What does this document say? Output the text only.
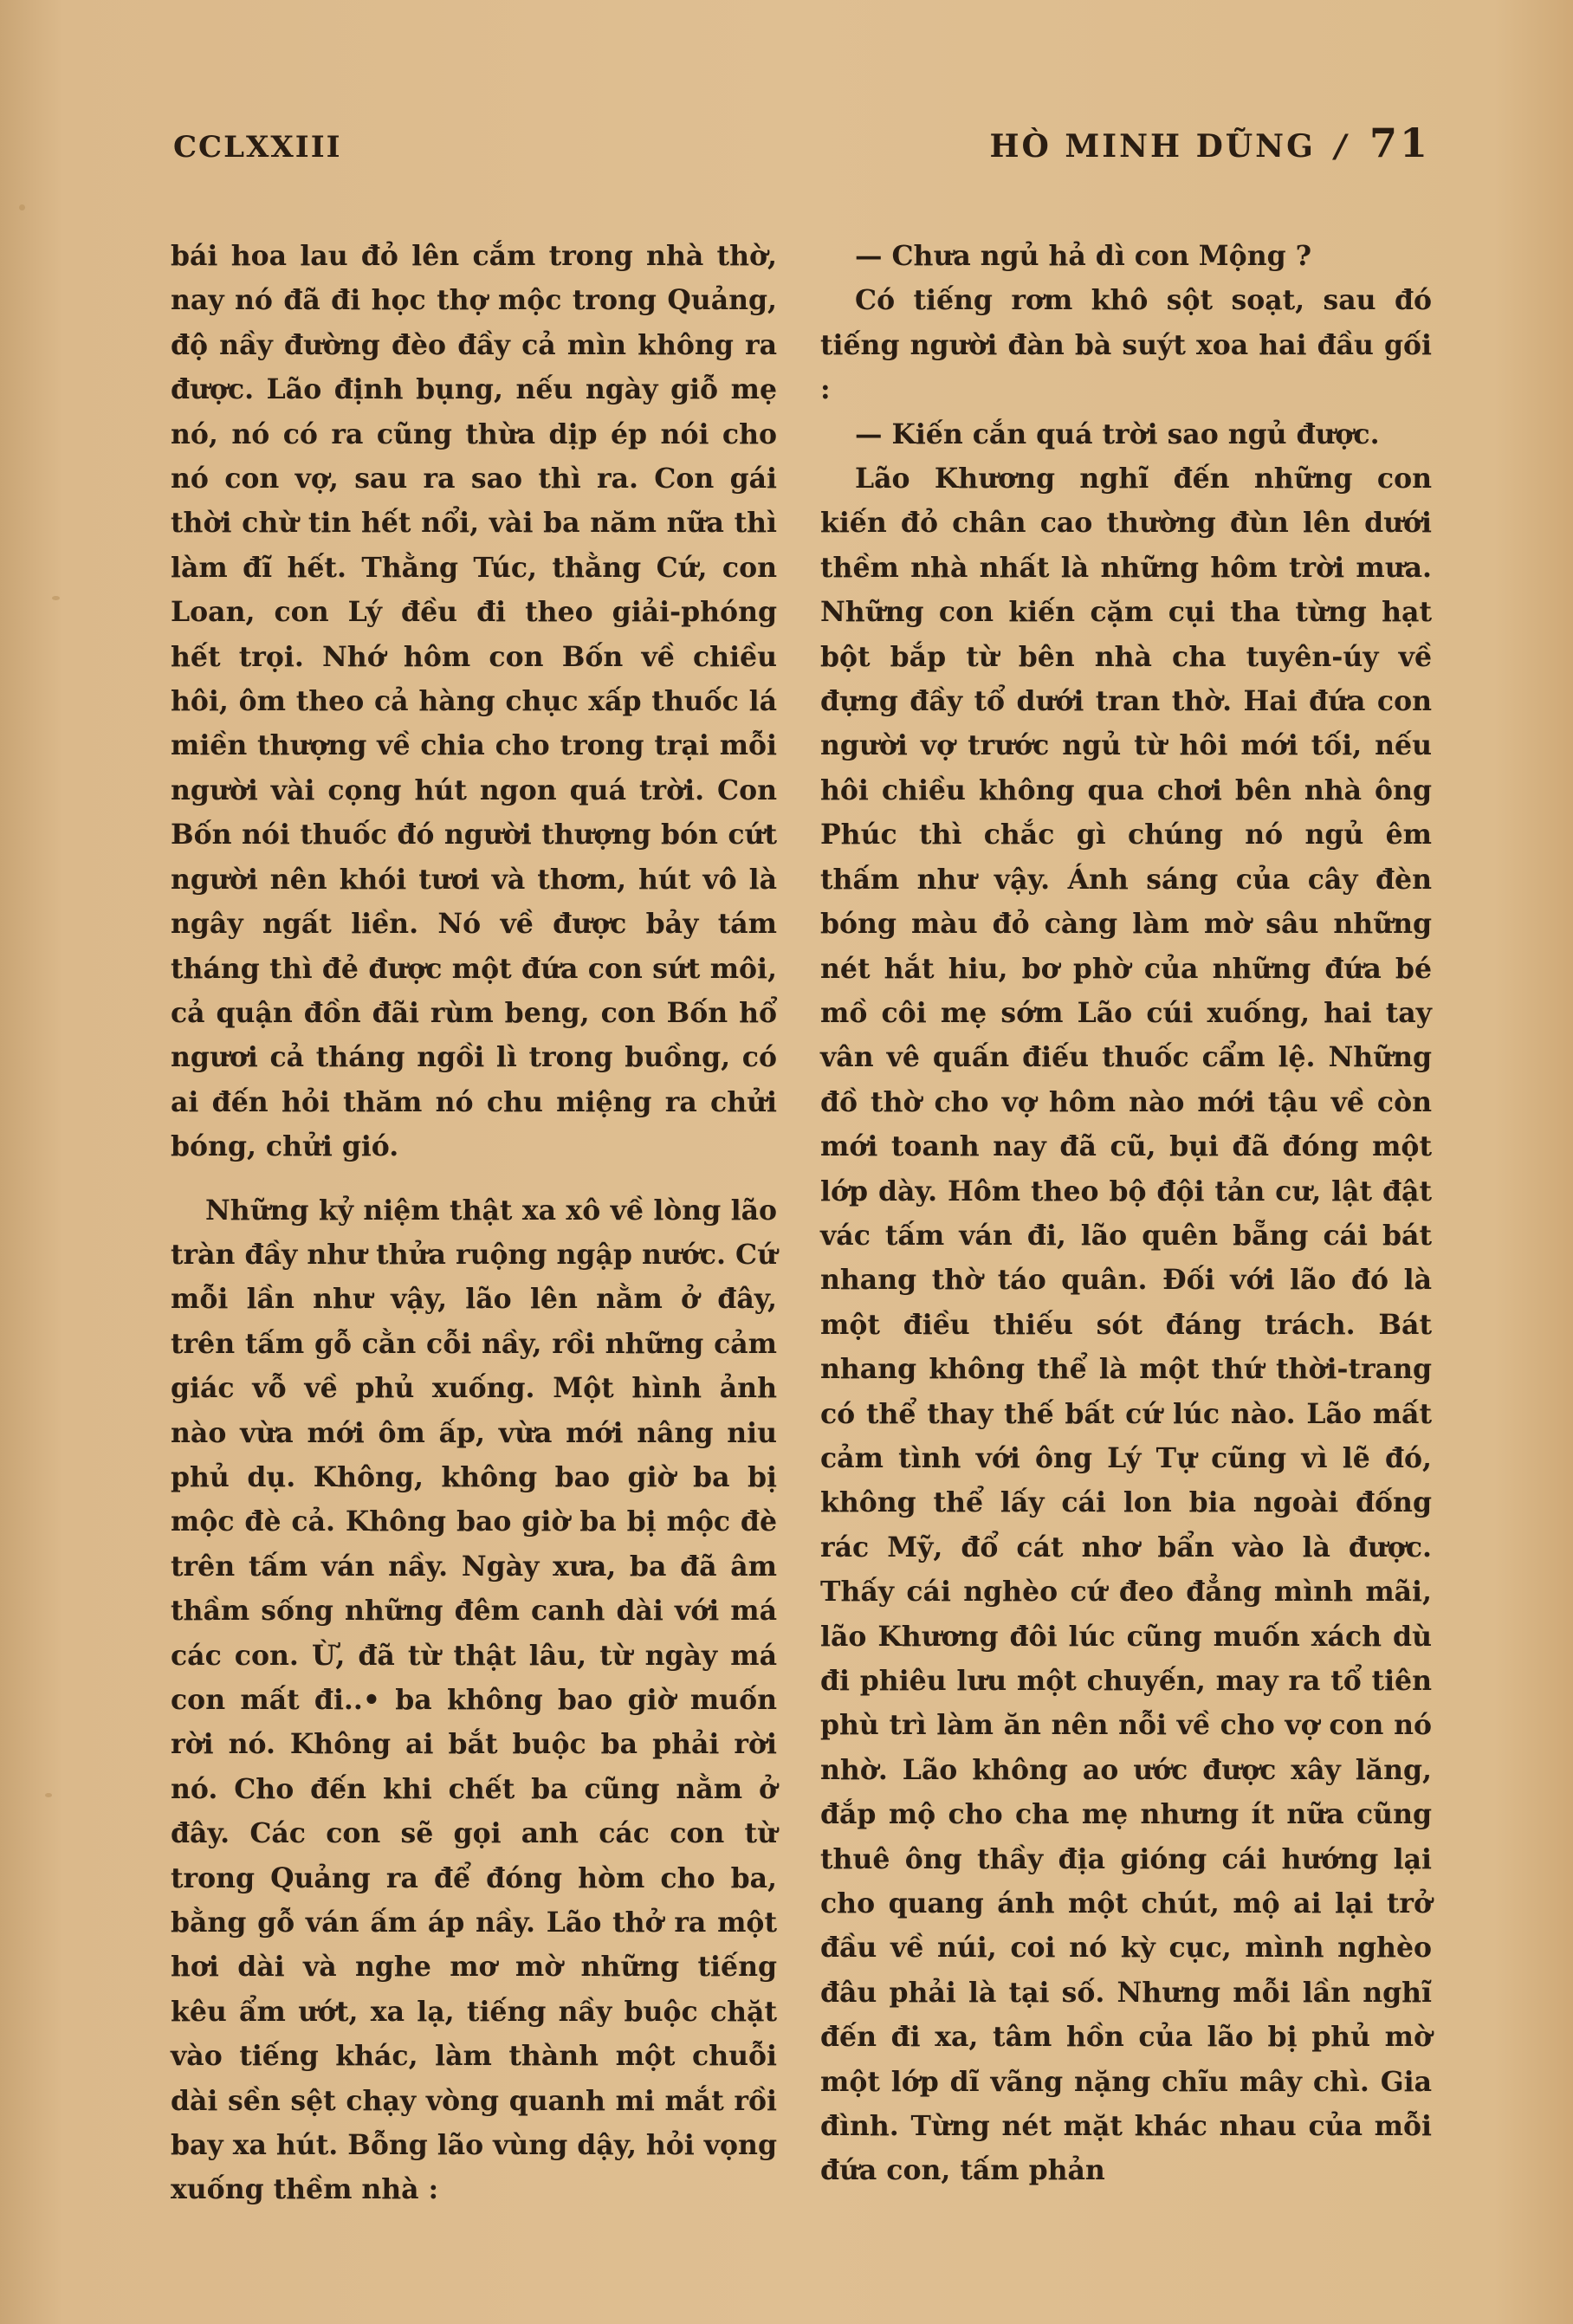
CCLXXIII	HÒ MINH DŨNG / 71

bái hoa lau đỏ lên cắm trong nhà thờ, nay nó đã đi học thợ mộc trong Quảng, độ nầy đường đèo đầy cả mìn không ra được. Lão định bụng, nếu ngày giỗ mẹ nó, nó có ra cũng thừa dịp ép nói cho nó con vợ, sau ra sao thì ra. Con gái thời chừ tin hết nổi, vài ba năm nữa thì làm đĩ hết. Thằng Túc, thằng Cứ, con Loan, con Lý đều đi theo giải-phóng hết trọi. Nhớ hôm con Bốn về chiều hôi, ôm theo cả hàng chục xấp thuốc lá miền thượng về chia cho trong trại mỗi người vài cọng hút ngon quá trời. Con Bốn nói thuốc đó người thượng bón cứt người nên khói tươi và thơm, hút vô là ngây ngất liền. Nó về được bảy tám tháng thì đẻ được một đứa con sứt môi, cả quận đồn đãi rùm beng, con Bốn hổ ngươi cả tháng ngồi lì trong buồng, có ai đến hỏi thăm nó chu miệng ra chửi bóng, chửi gió.

Những kỷ niệm thật xa xô về lòng lão tràn đầy như thửa ruộng ngập nước. Cứ mỗi lần như vậy, lão lên nằm ở đây, trên tấm gỗ cằn cỗi nầy, rồi những cảm giác vỗ về phủ xuống. Một hình ảnh nào vừa mới ôm ấp, vừa mới nâng niu phủ dụ. Không, không bao giờ ba bị mộc đè cả. Không bao giờ ba bị mộc đè trên tấm ván nầy. Ngày xưa, ba đã âm thầm sống những đêm canh dài với má các con. Ừ, đã từ thật lâu, từ ngày má con mất đi..• ba không bao giờ muốn rời nó. Không ai bắt buộc ba phải rời nó. Cho đến khi chết ba cũng nằm ở đây. Các con sẽ gọi anh các con từ trong Quảng ra để đóng hòm cho ba, bằng gỗ ván ấm áp nầy. Lão thở ra một hơi dài và nghe mơ mờ những tiếng kêu ẩm ướt, xa lạ, tiếng nầy buộc chặt vào tiếng khác, làm thành một chuỗi dài sền sệt chạy vòng quanh mi mắt rồi bay xa hút. Bỗng lão vùng dậy, hỏi vọng xuống thềm nhà :

— Chưa ngủ hả dì con Mộng ?

Có tiếng rơm khô sột soạt, sau đó tiếng người đàn bà suýt xoa hai đầu gối :

— Kiến cắn quá trời sao ngủ được.

Lão Khương nghĩ đến những con kiến đỏ chân cao thường đùn lên dưới thềm nhà nhất là những hôm trời mưa. Những con kiến cặm cụi tha từng hạt bột bắp từ bên nhà cha tuyên-úy về đựng đầy tổ dưới tran thờ. Hai đứa con người vợ trước ngủ từ hôi mới tối, nếu hôi chiều không qua chơi bên nhà ông Phúc thì chắc gì chúng nó ngủ êm thấm như vậy. Ánh sáng của cây đèn bóng màu đỏ càng làm mờ sâu những nét hắt hiu, bơ phờ của những đứa bé mồ côi mẹ sớm Lão cúi xuống, hai tay vân vê quấn điếu thuốc cẩm lệ. Những đồ thờ cho vợ hôm nào mới tậu về còn mới toanh nay đã cũ, bụi đã đóng một lớp dày. Hôm theo bộ đội tản cư, lật đật vác tấm ván đi, lão quên bẵng cái bát nhang thờ táo quân. Đối với lão đó là một điều thiếu sót đáng trách. Bát nhang không thể là một thứ thời-trang có thể thay thế bất cứ lúc nào. Lão mất cảm tình với ông Lý Tự cũng vì lẽ đó, không thể lấy cái lon bia ngoài đống rác Mỹ, đổ cát nhơ bẩn vào là được. Thấy cái nghèo cứ đeo đẳng mình mãi, lão Khương đôi lúc cũng muốn xách dù đi phiêu lưu một chuyến, may ra tổ tiên phù trì làm ăn nên nỗi về cho vợ con nó nhờ. Lão không ao ước được xây lăng, đắp mộ cho cha mẹ nhưng ít nữa cũng thuê ông thầy địa gióng cái hướng lại cho quang ánh một chút, mộ ai lại trở đầu về núi, coi nó kỳ cục, mình nghèo đâu phải là tại số. Nhưng mỗi lần nghĩ đến đi xa, tâm hồn của lão bị phủ mờ một lớp dĩ vãng nặng chĩu mây chì. Gia đình. Từng nét mặt khác nhau của mỗi đứa con, tấm phản
